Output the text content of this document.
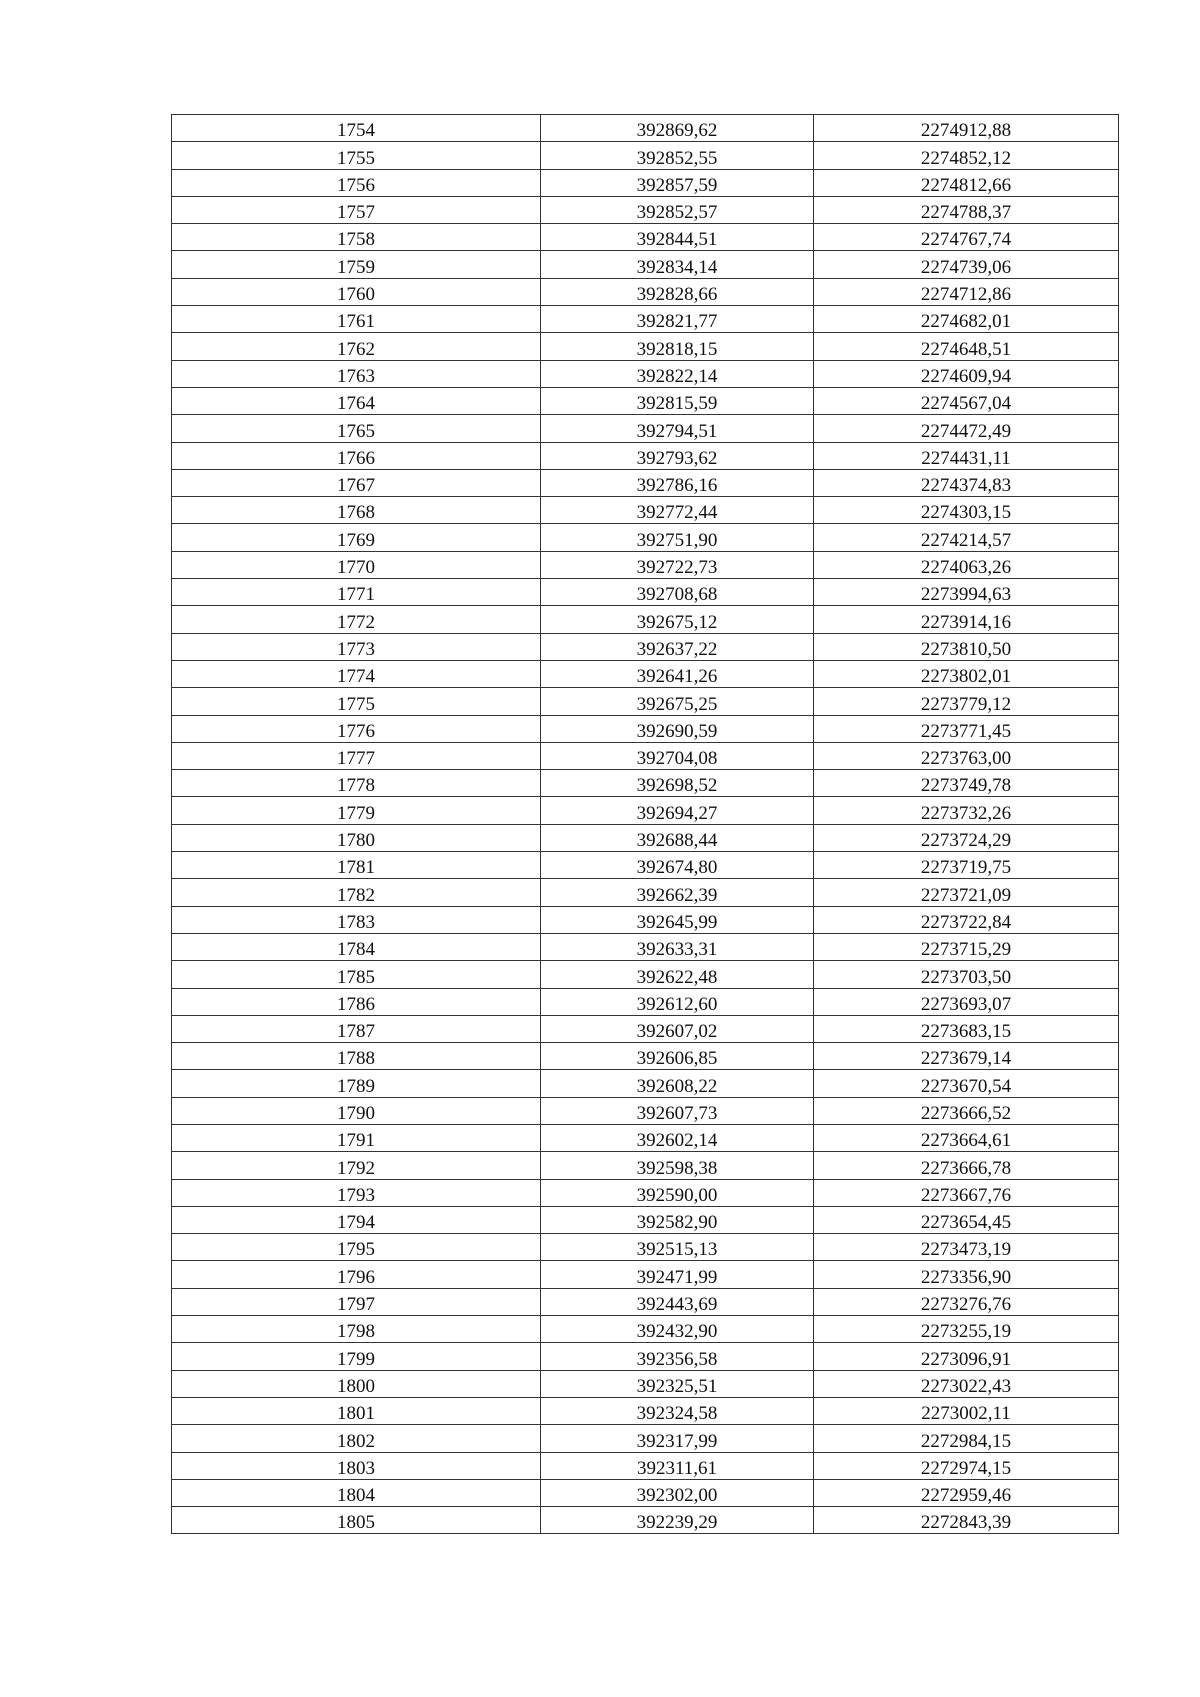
1754	392869,62	2274912,88
1755	392852,55	2274852,12
1756	392857,59	2274812,66
1757	392852,57	2274788,37
1758	392844,51	2274767,74
1759	392834,14	2274739,06
1760	392828,66	2274712,86
1761	392821,77	2274682,01
1762	392818,15	2274648,51
1763	392822,14	2274609,94
1764	392815,59	2274567,04
1765	392794,51	2274472,49
1766	392793,62	2274431,11
1767	392786,16	2274374,83
1768	392772,44	2274303,15
1769	392751,90	2274214,57
1770	392722,73	2274063,26
1771	392708,68	2273994,63
1772	392675,12	2273914,16
1773	392637,22	2273810,50
1774	392641,26	2273802,01
1775	392675,25	2273779,12
1776	392690,59	2273771,45
1777	392704,08	2273763,00
1778	392698,52	2273749,78
1779	392694,27	2273732,26
1780	392688,44	2273724,29
1781	392674,80	2273719,75
1782	392662,39	2273721,09
1783	392645,99	2273722,84
1784	392633,31	2273715,29
1785	392622,48	2273703,50
1786	392612,60	2273693,07
1787	392607,02	2273683,15
1788	392606,85	2273679,14
1789	392608,22	2273670,54
1790	392607,73	2273666,52
1791	392602,14	2273664,61
1792	392598,38	2273666,78
1793	392590,00	2273667,76
1794	392582,90	2273654,45
1795	392515,13	2273473,19
1796	392471,99	2273356,90
1797	392443,69	2273276,76
1798	392432,90	2273255,19
1799	392356,58	2273096,91
1800	392325,51	2273022,43
1801	392324,58	2273002,11
1802	392317,99	2272984,15
1803	392311,61	2272974,15
1804	392302,00	2272959,46
1805	392239,29	2272843,39
